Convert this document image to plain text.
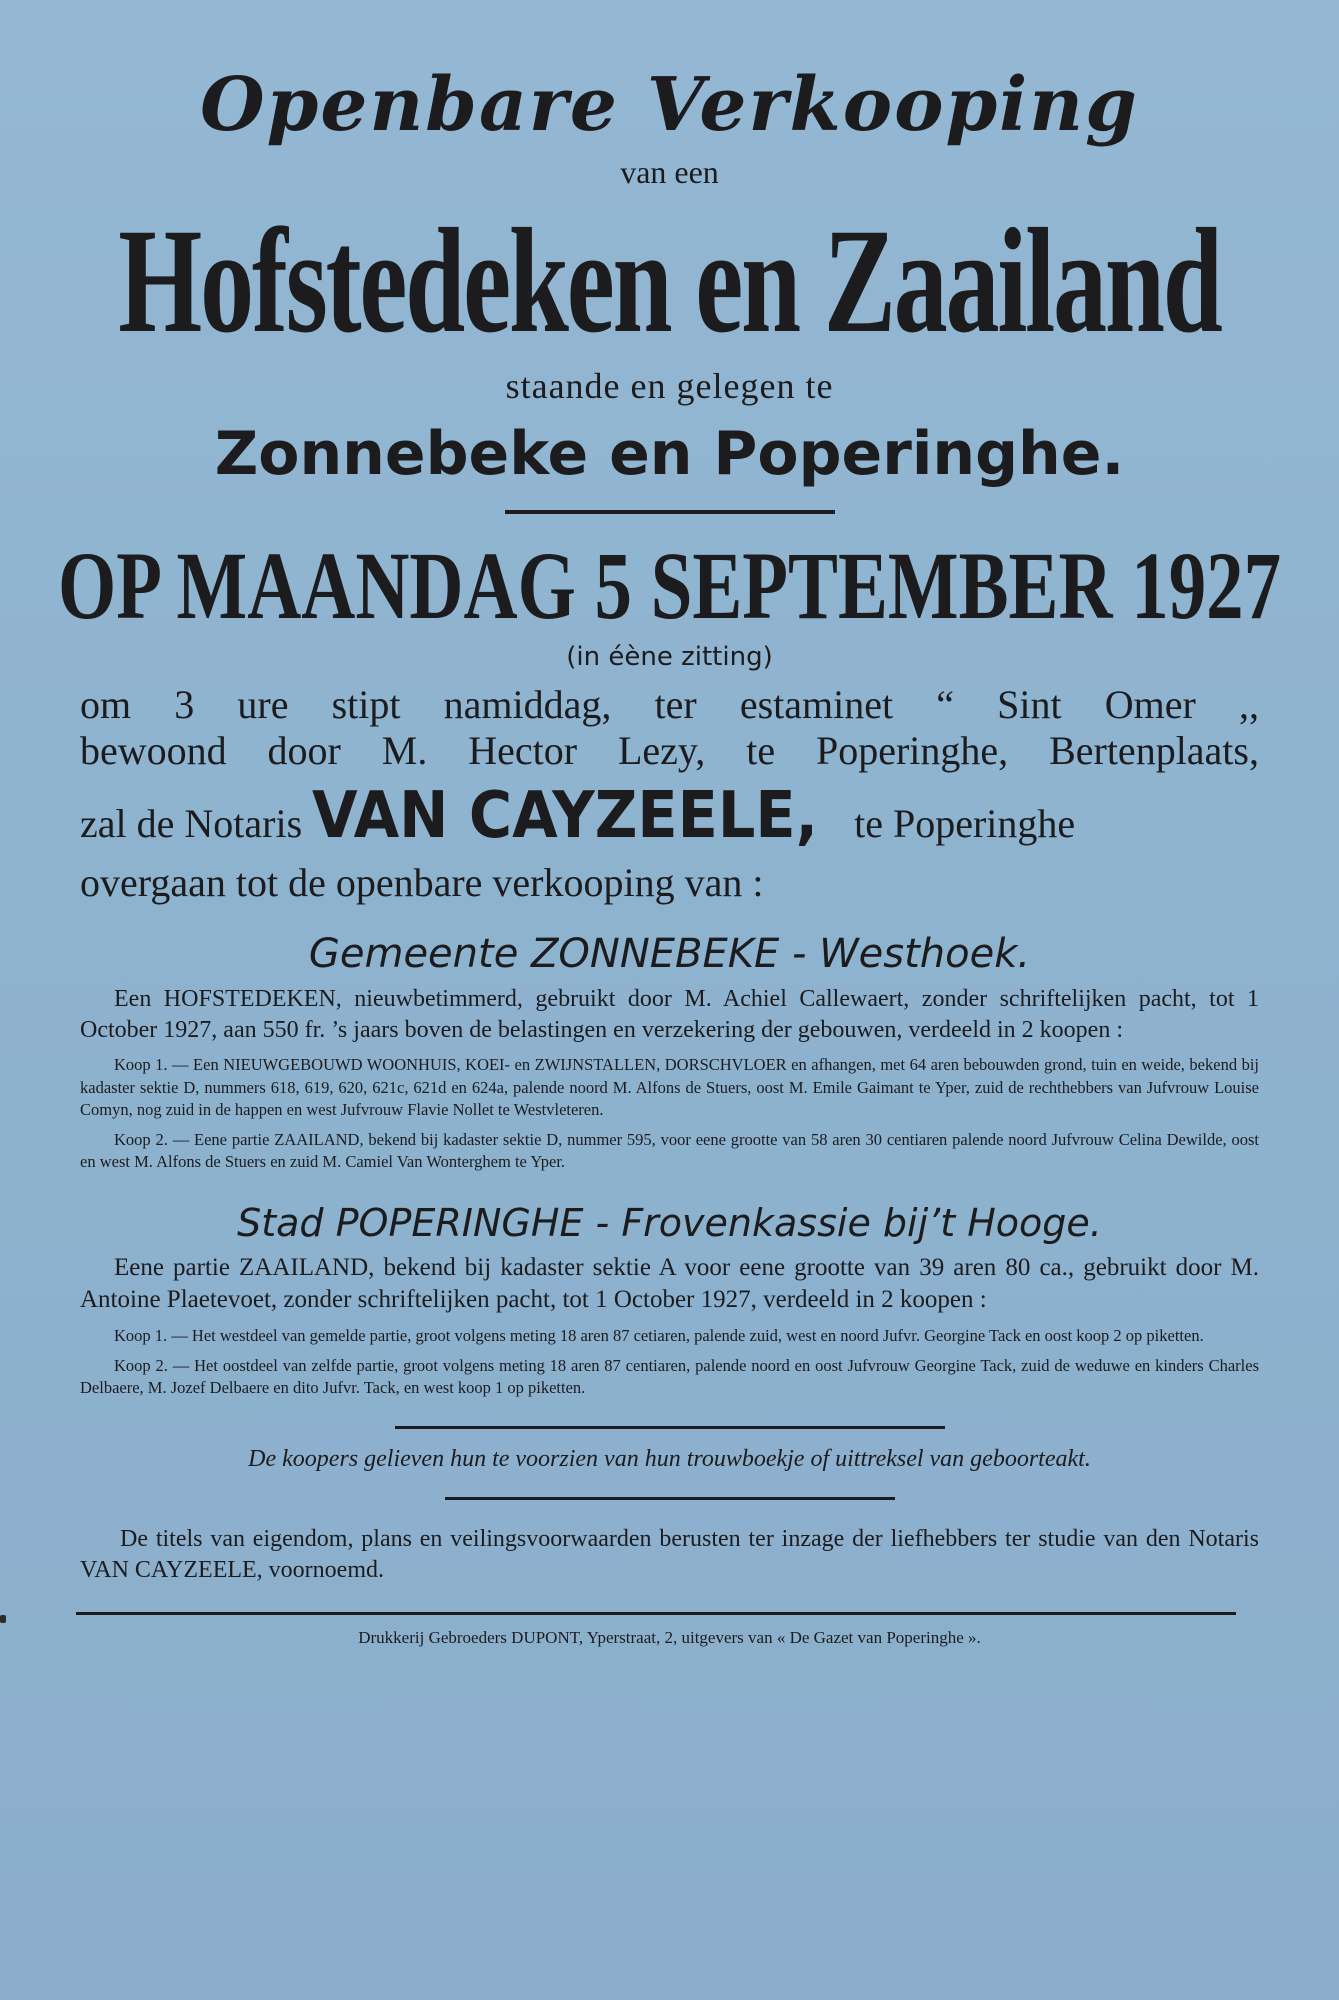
Openbare Verkooping
van een
Hofstedeken en Zaailand
staande en gelegen te
Zonnebeke en Poperinghe.
OP MAANDAG 5 SEPTEMBER 1927
(in éène zitting)
om 3 ure stipt namiddag, ter estaminet “ Sint Omer ,,
bewoond door M. Hector Lezy, te Poperinghe, Bertenplaats,
zal de Notaris VAN CAYZEELE, te Poperinghe
overgaan tot de openbare verkooping van :
Gemeente ZONNEBEKE - Westhoek.
Een HOFSTEDEKEN, nieuwbetimmerd, gebruikt door M. Achiel Callewaert, zonder schriftelijken pacht, tot 1 October 1927, aan 550 fr. ’s jaars boven de belastingen en verzekering der gebouwen, verdeeld in 2 koopen :
Koop 1. — Een NIEUWGEBOUWD WOONHUIS, KOEI- en ZWIJNSTALLEN, DORSCHVLOER en afhangen, met 64 aren bebouwden grond, tuin en weide, bekend bij kadaster sektie D, nummers 618, 619, 620, 621c, 621d en 624a, palende noord M. Alfons de Stuers, oost M. Emile Gaimant te Yper, zuid de rechthebbers van Jufvrouw Louise Comyn, nog zuid in de happen en west Jufvrouw Flavie Nollet te Westvleteren.
Koop 2. — Eene partie ZAAILAND, bekend bij kadaster sektie D, nummer 595, voor eene grootte van 58 aren 30 centiaren palende noord Jufvrouw Celina Dewilde, oost en west M. Alfons de Stuers en zuid M. Camiel Van Wonterghem te Yper.
Stad POPERINGHE - Frovenkassie bij’t Hooge.
Eene partie ZAAILAND, bekend bij kadaster sektie A voor eene grootte van 39 aren 80 ca., gebruikt door M. Antoine Plaetevoet, zonder schriftelijken pacht, tot 1 October 1927, verdeeld in 2 koopen :
Koop 1. — Het westdeel van gemelde partie, groot volgens meting 18 aren 87 cetiaren, palende zuid, west en noord Jufvr. Georgine Tack en oost koop 2 op piketten.
Koop 2. — Het oostdeel van zelfde partie, groot volgens meting 18 aren 87 centiaren, palende noord en oost Jufvrouw Georgine Tack, zuid de weduwe en kinders Charles Delbaere, M. Jozef Delbaere en dito Jufvr. Tack, en west koop 1 op piketten.
De koopers gelieven hun te voorzien van hun trouwboekje of uittreksel van geboorteakt.
De titels van eigendom, plans en veilingsvoorwaarden berusten ter inzage der liefhebbers ter studie van den Notaris VAN CAYZEELE, voornoemd.
Drukkerij Gebroeders DUPONT, Yperstraat, 2, uitgevers van « De Gazet van Poperinghe ».
